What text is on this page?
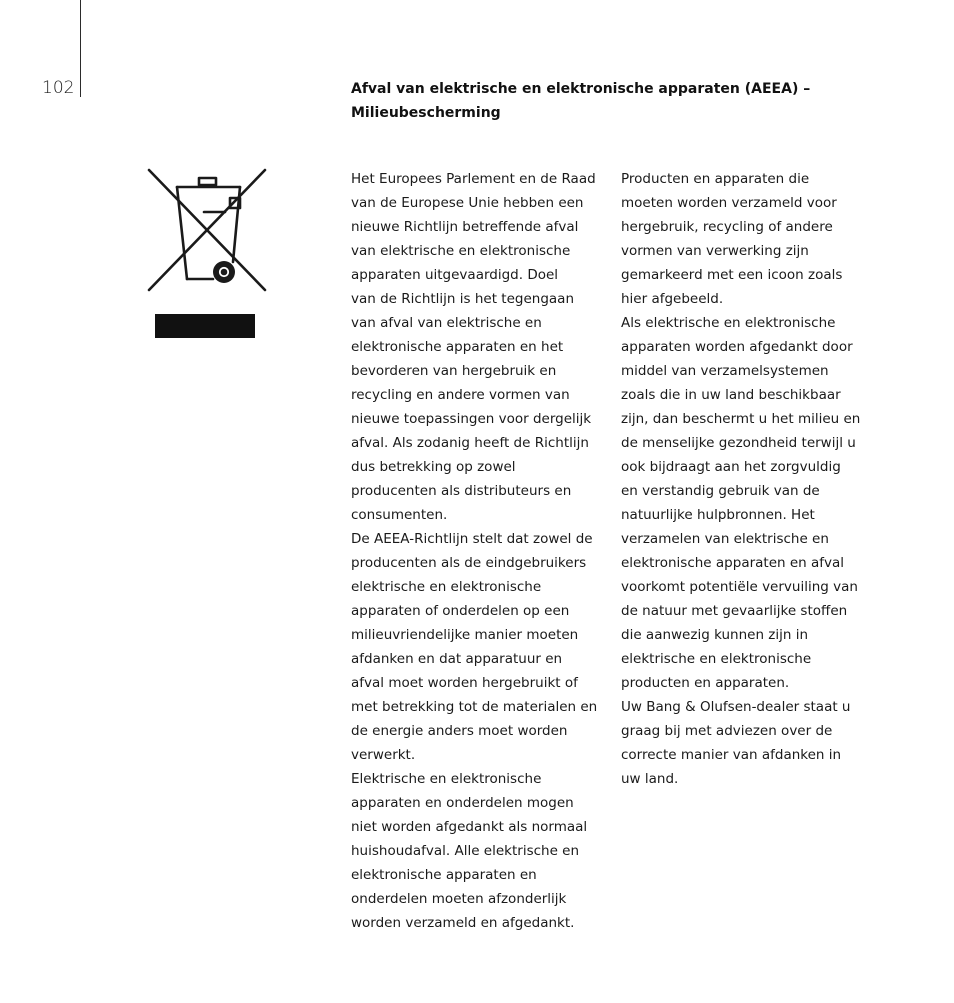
102	Afval van elektrische en elektronische apparaten (AEEA) –
Milieubescherming
Het Europees Parlement en de Raad
van de Europese Unie hebben een
nieuwe Richtlijn betreffende afval
van elektrische en elektronische
apparaten uitgevaardigd. Doel
van de Richtlijn is het tegengaan
van afval van elektrische en
elektronische apparaten en het
bevorderen van hergebruik en
recycling en andere vormen van
nieuwe toepassingen voor dergelijk
afval. Als zodanig heeft de Richtlijn
dus betrekking op zowel
producenten als distributeurs en
consumenten.
De AEEA-Richtlijn stelt dat zowel de
producenten als de eindgebruikers
elektrische en elektronische
apparaten of onderdelen op een
milieuvriendelijke manier moeten
afdanken en dat apparatuur en
afval moet worden hergebruikt of
met betrekking tot de materialen en
de energie anders moet worden
verwerkt.
Elektrische en elektronische
apparaten en onderdelen mogen
niet worden afgedankt als normaal
huishoudafval. Alle elektrische en
elektronische apparaten en
onderdelen moeten afzonderlijk
worden verzameld en afgedankt.
Producten en apparaten die
moeten worden verzameld voor
hergebruik, recycling of andere
vormen van verwerking zijn
gemarkeerd met een icoon zoals
hier afgebeeld.
Als elektrische en elektronische
apparaten worden afgedankt door
middel van verzamelsystemen
zoals die in uw land beschikbaar
zijn, dan beschermt u het milieu en
de menselijke gezondheid terwijl u
ook bijdraagt aan het zorgvuldig
en verstandig gebruik van de
natuurlijke hulpbronnen. Het
verzamelen van elektrische en
elektronische apparaten en afval
voorkomt potentiële vervuiling van
de natuur met gevaarlijke stoffen
die aanwezig kunnen zijn in
elektrische en elektronische
producten en apparaten.
Uw Bang & Olufsen-dealer staat u
graag bij met adviezen over de
correcte manier van afdanken in
uw land.
